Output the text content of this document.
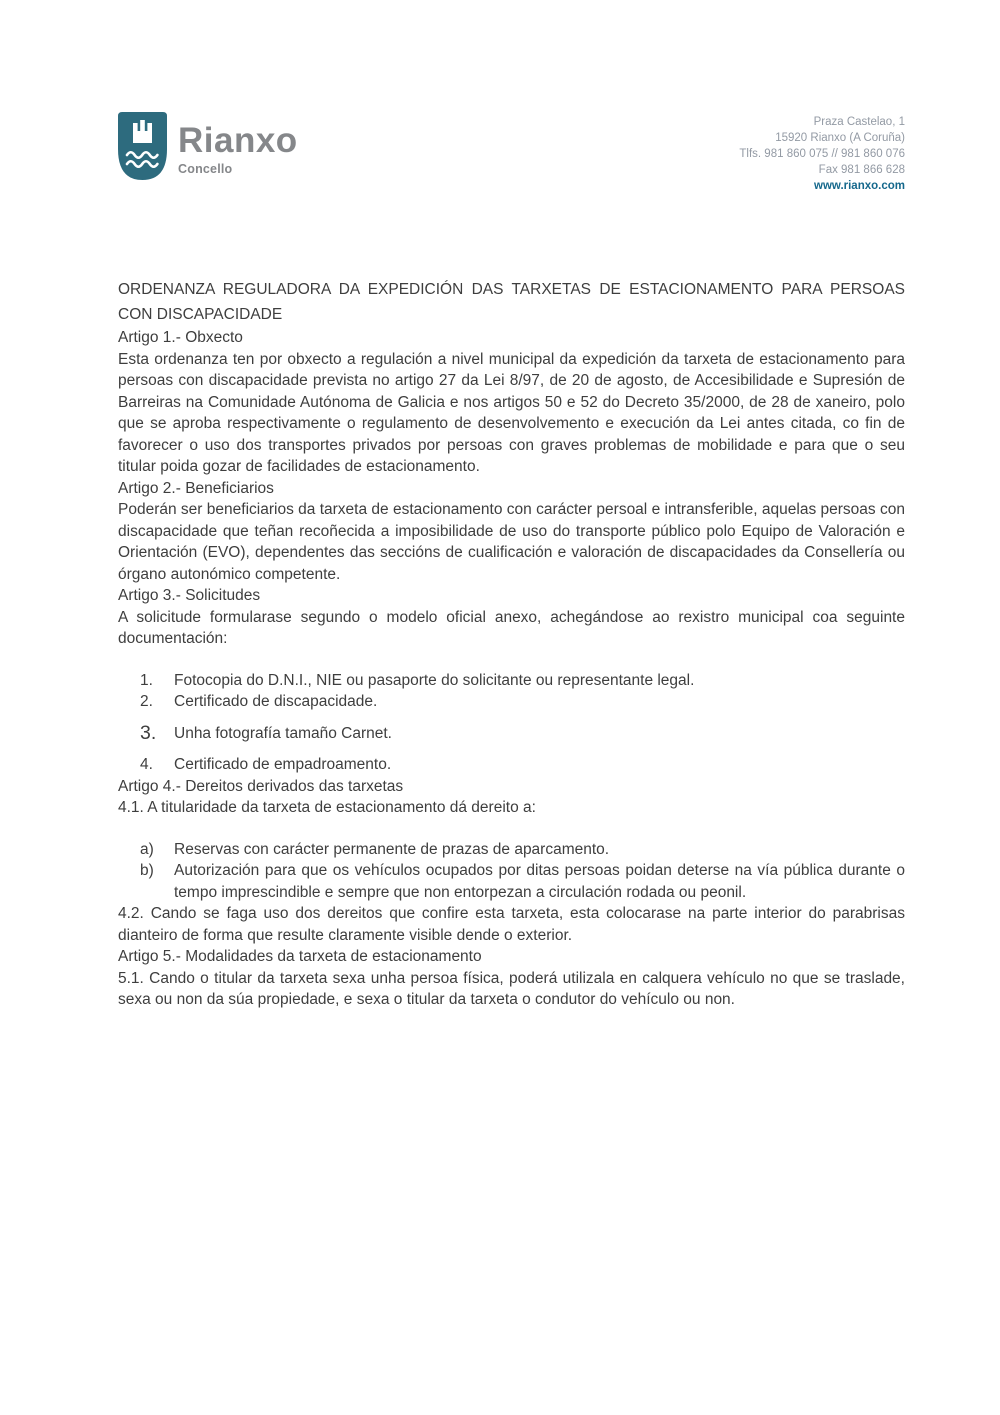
Rianxo
Concello
Praza Castelao, 1
15920 Rianxo (A Coruña)
Tlfs. 981 860 075 // 981 860 076
Fax 981 866 628
www.rianxo.com

ORDENANZA REGULADORA DA EXPEDICIÓN DAS TARXETAS DE ESTACIONAMENTO PARA PERSOAS CON DISCAPACIDADE

Artigo 1.- Obxecto

Esta ordenanza ten por obxecto a regulación a nivel municipal da expedición da tarxeta de estacionamento para persoas con discapacidade prevista no artigo 27 da Lei 8/97, de 20 de agosto, de Accesibilidade e Supresión de Barreiras na Comunidade Autónoma de Galicia e nos artigos 50 e 52 do Decreto 35/2000, de 28 de xaneiro, polo que se aproba respectivamente o regulamento de desenvolvemento e execución da Lei antes citada, co fin de favorecer o uso dos transportes privados por persoas con graves problemas de mobilidade e para que o seu titular poida gozar de facilidades de estacionamento.

Artigo 2.- Beneficiarios

Poderán ser beneficiarios da tarxeta de estacionamento con carácter persoal e intransferible, aquelas persoas con discapacidade que teñan recoñecida a imposibilidade de uso do transporte público polo Equipo de Valoración e Orientación (EVO), dependentes das seccións de cualificación e valoración de discapacidades da Consellería ou órgano autonómico competente.

Artigo 3.- Solicitudes

A solicitude formularase segundo o modelo oficial anexo, achegándose ao rexistro municipal coa seguinte documentación:

1.	Fotocopia do D.N.I., NIE ou pasaporte do solicitante ou representante legal.
2.	Certificado de discapacidade.
3.	Unha fotografía tamaño Carnet.
4.	Certificado de empadroamento.

Artigo 4.- Dereitos derivados das tarxetas

4.1. A titularidade da tarxeta de estacionamento dá dereito a:

a)	Reservas con carácter permanente de prazas de aparcamento.
b)	Autorización para que os vehículos ocupados por ditas persoas poidan deterse na vía pública durante o tempo imprescindible e sempre que non entorpezan a circulación rodada ou peonil.

4.2. Cando se faga uso dos dereitos que confire esta tarxeta, esta colocarase na parte interior do parabrisas dianteiro de forma que resulte claramente visible dende o exterior.

Artigo 5.- Modalidades da tarxeta de estacionamento

5.1. Cando o titular da tarxeta sexa unha persoa física, poderá utilizala en calquera vehículo no que se traslade, sexa ou non da súa propiedade, e sexa o titular da tarxeta o condutor do vehículo ou non.
